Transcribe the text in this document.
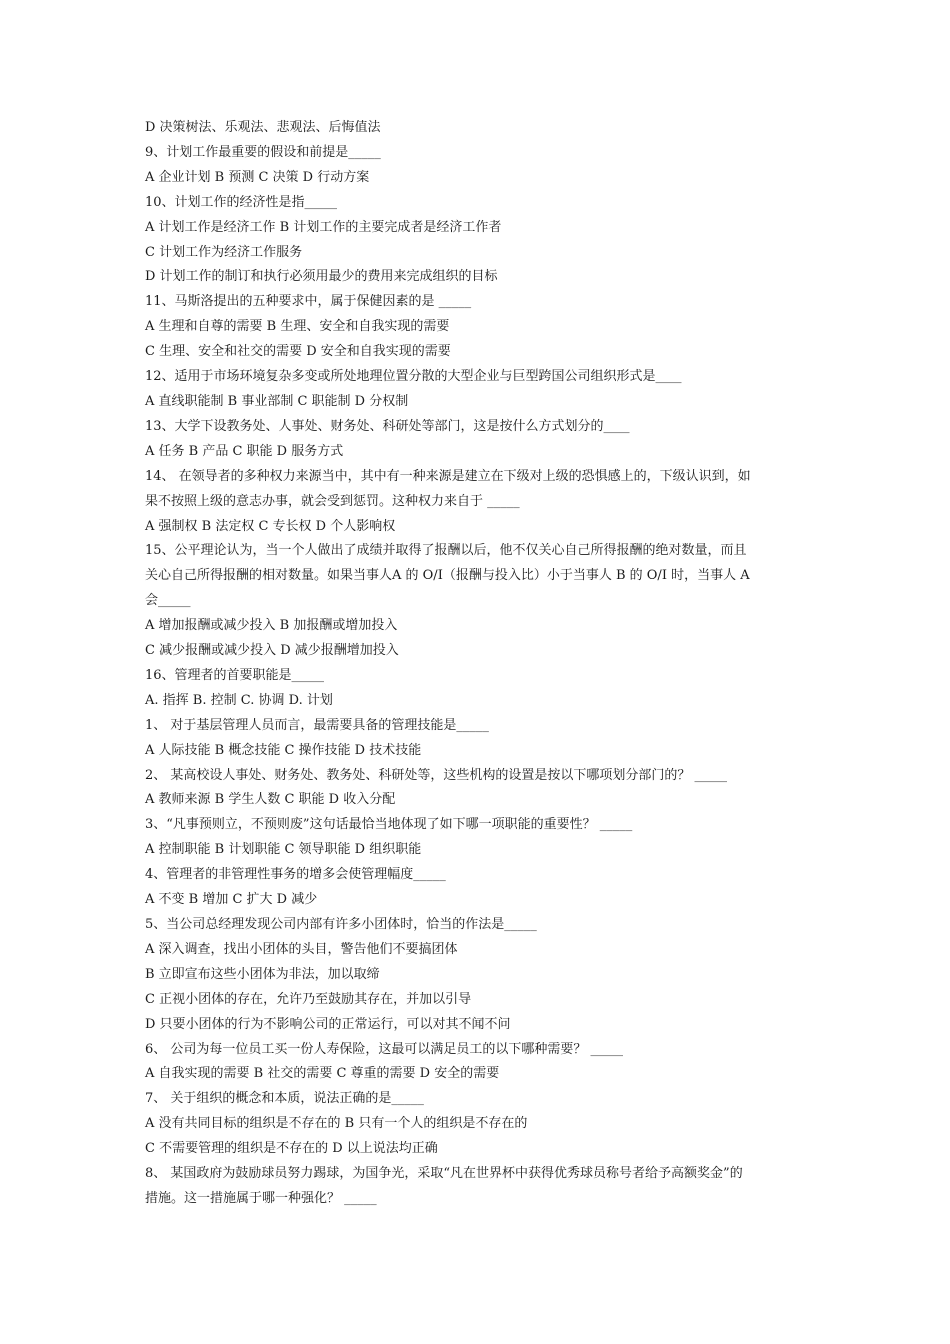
D 决策树法、乐观法、悲观法、后悔值法
9、计划工作最重要的假设和前提是_____
A 企业计划 B 预测 C 决策 D 行动方案
10、计划工作的经济性是指_____
A 计划工作是经济工作 B 计划工作的主要完成者是经济工作者
C 计划工作为经济工作服务
D 计划工作的制订和执行必须用最少的费用来完成组织的目标
11、马斯洛提出的五种要求中，属于保健因素的是 _____
A 生理和自尊的需要 B 生理、安全和自我实现的需要
C 生理、安全和社交的需要 D 安全和自我实现的需要
12、适用于市场环境复杂多变或所处地理位置分散的大型企业与巨型跨国公司组织形式是____
A 直线职能制 B 事业部制 C 职能制 D 分权制
13、大学下设教务处、人事处、财务处、科研处等部门，这是按什么方式划分的____
A 任务 B 产品 C 职能 D 服务方式
14、 在领导者的多种权力来源当中，其中有一种来源是建立在下级对上级的恐惧感上的，下级认识到，如
果不按照上级的意志办事，就会受到惩罚。这种权力来自于 _____
A 强制权 B 法定权 C 专长权 D 个人影响权
15、公平理论认为，当一个人做出了成绩并取得了报酬以后，他不仅关心自己所得报酬的绝对数量，而且
关心自己所得报酬的相对数量。如果当事人A 的 O/I（报酬与投入比）小于当事人 B 的 O/I 时，当事人 A
会_____
A 增加报酬或减少投入 B 加报酬或增加投入
C 减少报酬或减少投入 D 减少报酬增加投入
16、管理者的首要职能是_____
A. 指挥 B. 控制 C. 协调 D. 计划
1、 对于基层管理人员而言，最需要具备的管理技能是_____
A 人际技能 B 概念技能 C 操作技能 D 技术技能
2、 某高校设人事处、财务处、教务处、科研处等，这些机构的设置是按以下哪项划分部门的？ _____
A 教师来源 B 学生人数 C 职能 D 收入分配
3、“凡事预则立，不预则废”这句话最恰当地体现了如下哪一项职能的重要性？ _____
A 控制职能 B 计划职能 C 领导职能 D 组织职能
4、管理者的非管理性事务的增多会使管理幅度_____
A 不变 B 增加 C 扩大 D 减少
5、当公司总经理发现公司内部有许多小团体时，恰当的作法是_____
A 深入调查，找出小团体的头目，警告他们不要搞团体
B 立即宣布这些小团体为非法，加以取缔
C 正视小团体的存在，允许乃至鼓励其存在，并加以引导
D 只要小团体的行为不影响公司的正常运行，可以对其不闻不问
6、 公司为每一位员工买一份人寿保险，这最可以满足员工的以下哪种需要？ _____
A 自我实现的需要 B 社交的需要 C 尊重的需要 D 安全的需要
7、 关于组织的概念和本质，说法正确的是_____
A 没有共同目标的组织是不存在的 B 只有一个人的组织是不存在的
C 不需要管理的组织是不存在的 D 以上说法均正确
8、 某国政府为鼓励球员努力踢球，为国争光，采取“凡在世界杯中获得优秀球员称号者给予高额奖金”的
措施。这一措施属于哪一种强化？ _____
